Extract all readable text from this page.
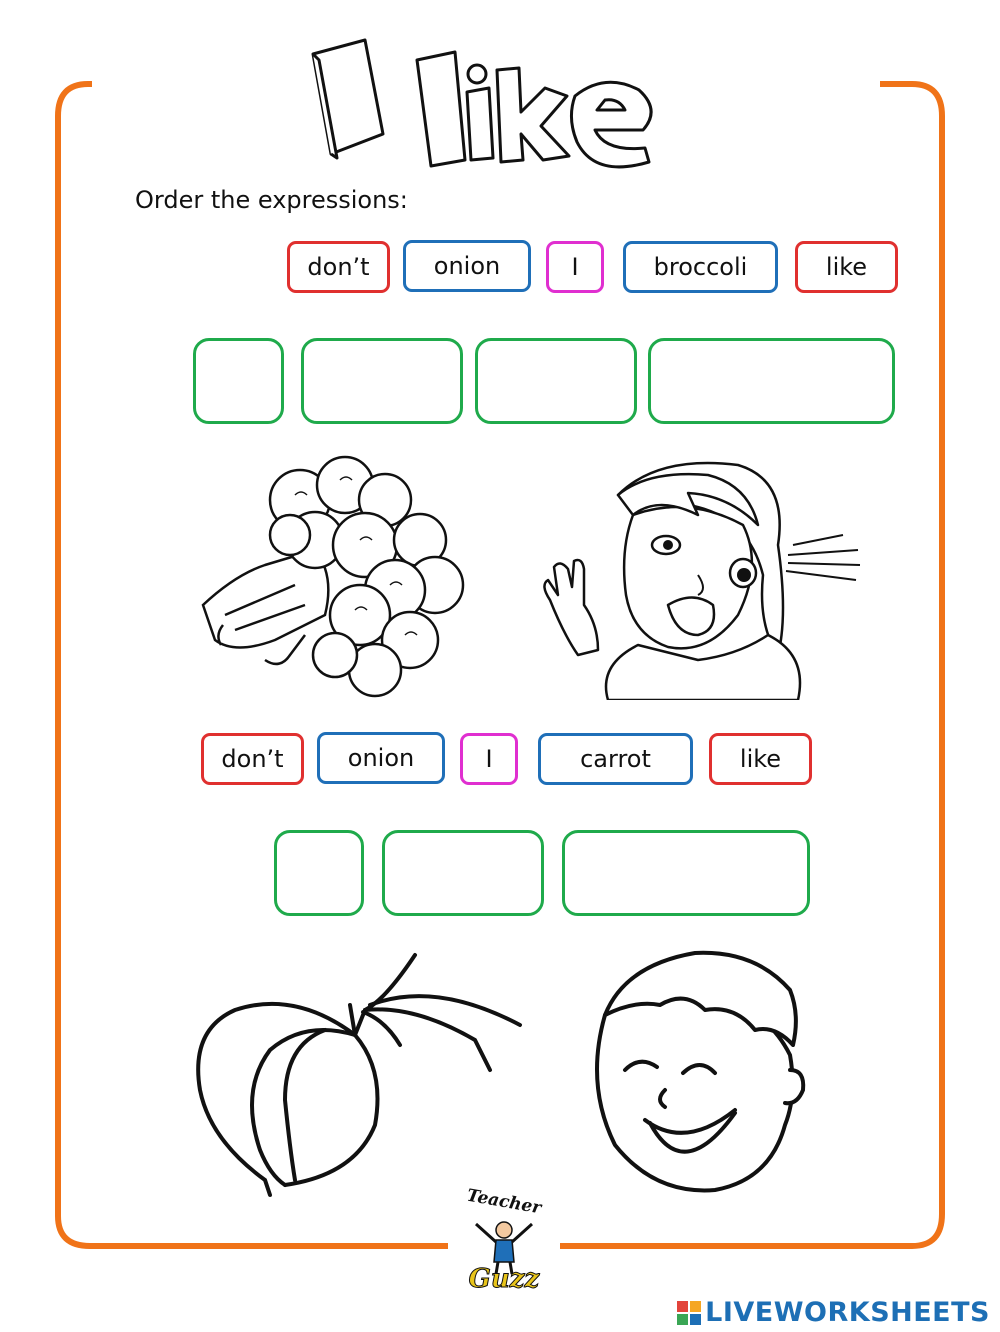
Order the expressions:
don’t	onion	I	broccoli	like
don’t	onion	I	carrot	like
Teacher
Guzz
LIVEWORKSHEETS
